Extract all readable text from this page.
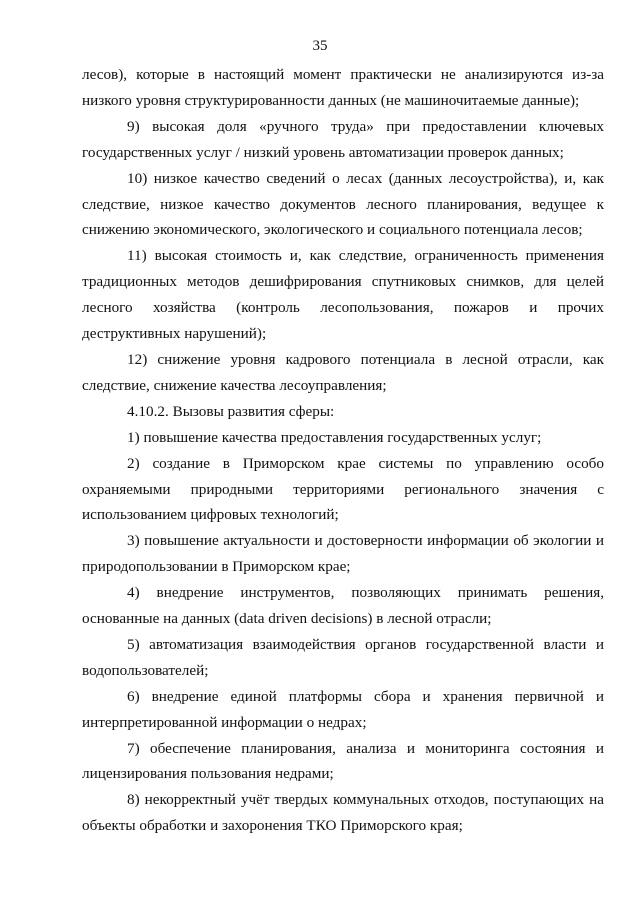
35

лесов), которые в настоящий момент практически не анализируются из-за низкого уровня структурированности данных (не машиночитаемые данные);

9) высокая доля «ручного труда» при предоставлении ключевых государственных услуг / низкий уровень автоматизации проверок данных;

10) низкое качество сведений о лесах (данных лесоустройства), и, как следствие, низкое качество документов лесного планирования, ведущее к снижению экономического, экологического и социального потенциала лесов;

11) высокая стоимость и, как следствие, ограниченность применения традиционных методов дешифрирования спутниковых снимков, для целей лесного хозяйства (контроль лесопользования, пожаров и прочих деструктивных нарушений);

12) снижение уровня кадрового потенциала в лесной отрасли, как следствие, снижение качества лесоуправления;

4.10.2. Вызовы развития сферы:

1) повышение качества предоставления государственных услуг;

2) создание в Приморском крае системы по управлению особо охраняемыми природными территориями регионального значения с использованием цифровых технологий;

3) повышение актуальности и достоверности информации об экологии и природопользовании в Приморском крае;

4) внедрение инструментов, позволяющих принимать решения, основанные на данных (data driven decisions) в лесной отрасли;

5) автоматизация взаимодействия органов государственной власти и водопользователей;

6) внедрение единой платформы сбора и хранения первичной и интерпретированной информации о недрах;

7) обеспечение планирования, анализа и мониторинга состояния и лицензирования пользования недрами;

8) некорректный учёт твердых коммунальных отходов, поступающих на объекты обработки и захоронения ТКО Приморского края;
